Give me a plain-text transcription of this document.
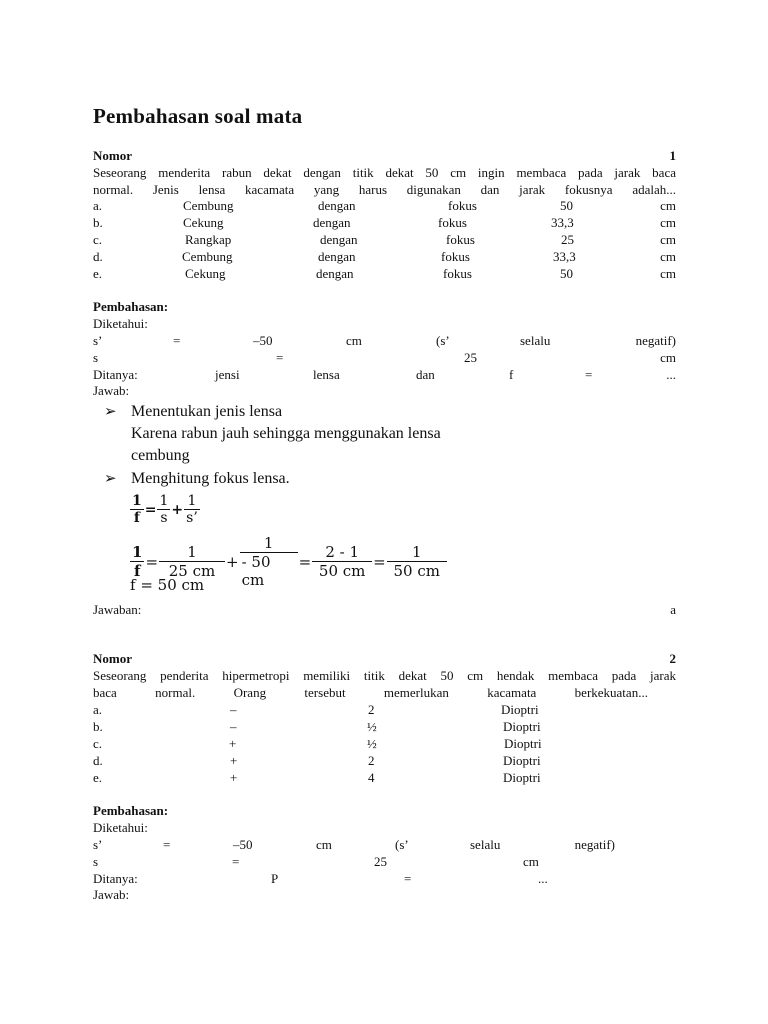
Pembahasan soal mata
Nomor	1
Seseorang menderita rabun dekat dengan titik dekat 50 cm ingin membaca pada jarak baca
normal. Jenis lensa kacamata yang harus digunakan dan jarak fokusnya adalah...
a.	Cembung	dengan	fokus	50	cm
b.	Cekung	dengan	fokus	33,3	cm
c.	Rangkap	dengan	fokus	25	cm
d.	Cembung	dengan	fokus	33,3	cm
e.	Cekung	dengan	fokus	50	cm
Pembahasan:
Diketahui:
s’	=	–50	cm	(s’	selalu	negatif)
s	=	25	cm
Ditanya:	jensi	lensa	dan	f	=	...
Jawab:
➢ Menentukan jenis lensa
Karena rabun jauh sehingga menggunakan lensa
cembung
➢ Menghitung fokus lensa.
$\frac{1}{f} = \frac{1}{s} + \frac{1}{s’}$
$\frac{1}{f} = \frac{1}{25 cm} + \frac{1}{- 50 cm} = \frac{2 - 1}{50 cm} = \frac{1}{50 cm}$
f = 50 cm
Jawaban:	a
Nomor	2
Seseorang penderita hipermetropi memiliki titik dekat 50 cm hendak membaca pada jarak
baca	normal.	Orang	tersebut	memerlukan	kacamata	berkekuatan...
a.	–	2	Dioptri
b.	–	½	Dioptri
c.	+	½	Dioptri
d.	+	2	Dioptri
e.	+	4	Dioptri
Pembahasan:
Diketahui:
s’	=	–50	cm	(s’	selalu	negatif)
s	=	25	cm
Ditanya:	P	=	...
Jawab:
